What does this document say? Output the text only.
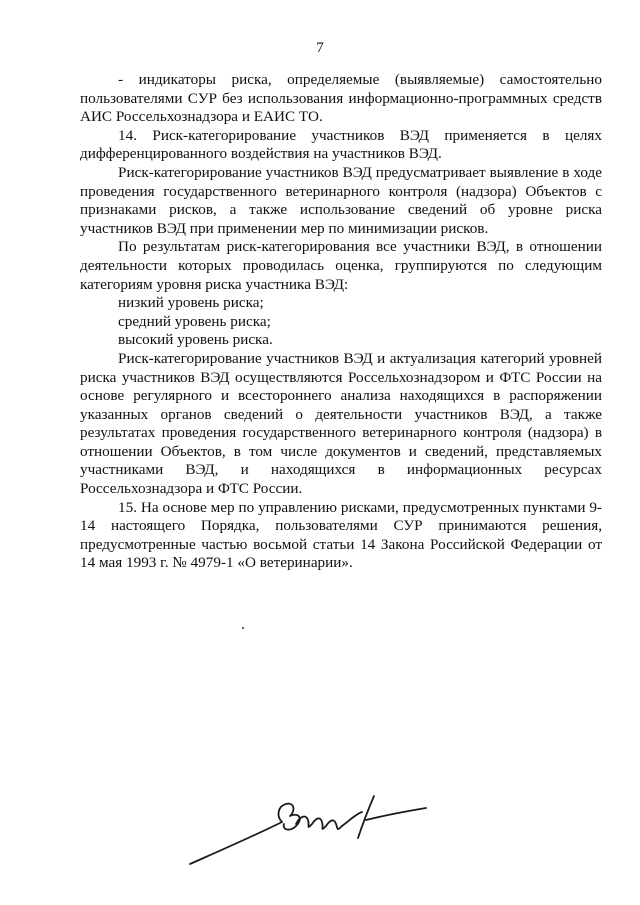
7

- индикаторы риска, определяемые (выявляемые) самостоятельно пользователями СУР без использования информационно-программных средств АИС Россельхознадзора и ЕАИС ТО.

14. Риск-категорирование участников ВЭД применяется в целях дифференцированного воздействия на участников ВЭД.

Риск-категорирование участников ВЭД предусматривает выявление в ходе проведения государственного ветеринарного контроля (надзора) Объектов с признаками рисков, а также использование сведений об уровне риска участников ВЭД при применении мер по минимизации рисков.

По результатам риск-категорирования все участники ВЭД, в отношении деятельности которых проводилась оценка, группируются по следующим категориям уровня риска участника ВЭД:

низкий уровень риска;

средний уровень риска;

высокий уровень риска.

Риск-категорирование участников ВЭД и актуализация категорий уровней риска участников ВЭД осуществляются Россельхознадзором и ФТС России на основе регулярного и всестороннего анализа находящихся в распоряжении указанных органов сведений о деятельности участников ВЭД, а также результатах проведения государственного ветеринарного контроля (надзора) в отношении Объектов, в том числе документов и сведений, представляемых участниками ВЭД, и находящихся в информационных ресурсах Россельхознадзора и ФТС России.

15. На основе мер по управлению рисками, предусмотренных пунктами 9-14 настоящего Порядка, пользователями СУР принимаются решения, предусмотренные частью восьмой статьи 14 Закона Российской Федерации от 14 мая 1993 г. № 4979-1 «О ветеринарии».
